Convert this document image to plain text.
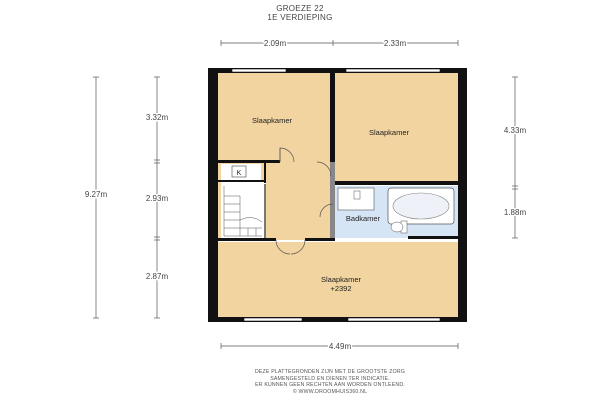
GROEZE 22
1E VERDIEPING
Slaapkamer
Slaapkamer
K
Badkamer
Slaapkamer
+2392
2.09m	2.33m
9.27m
3.32m
2.93m
2.87m
4.33m
1.88m
4.49m
DEZE PLATTEGRONDEN ZIJN MET DE GROOTSTE ZORG
SAMENGESTELD EN DIENEN TER INDICATIE.
ER KUNNEN GEEN RECHTEN AAN WORDEN ONTLEEND.
© WWW.DROOMHUIS360.NL
